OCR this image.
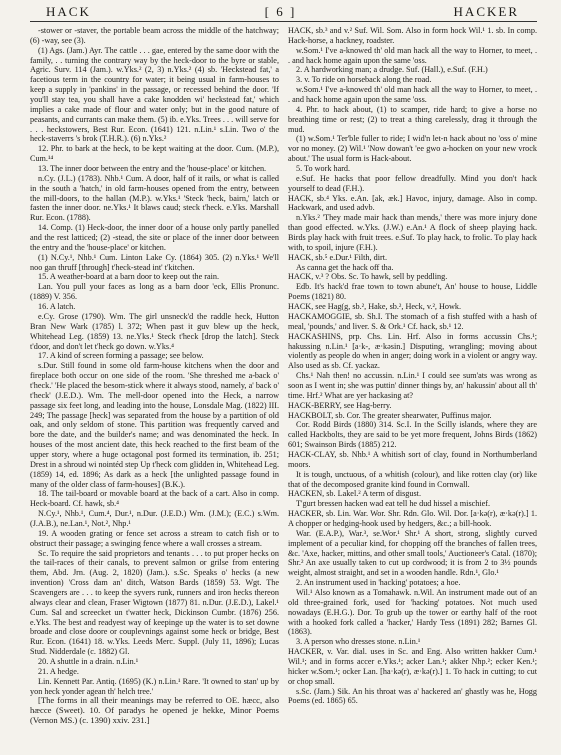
HACK	[ 6 ]	HACKER

-stower or -staver, the portable beam across the middle of the hatchway; (6) -way, see (3).

(1) Ags. (Jam.) Ayr. The cattle . . . gae, entered by the same door with the family, . . turning the contrary way by the heck-door to the byre or stable, Agric. Surv. 114 (Jam.). w.Yks.² (2, 3) n.Yks.² (4) sb. 'Heckstead fat,' a facetious term in the country for water; it being usual in farm-houses to keep a supply in 'pankins' in the passage, or recessed behind the door. 'If you'll stay tea, you shall have a cake knodden wi' heckstead fat,' which implies a cake made of flour and water only; but in the good nature of peasants, and currants can make them. (5) ib. e.Yks. Trees . . . will serve for . . . heckstowers, Best Rur. Econ. (1641) 121. n.Lin.¹ s.Lin. Two o' the heck-staverrs 's brok (T.H.R.). (6) n.Yks.²

12. Phr. to bark at the heck, to be kept waiting at the door. Cum. (M.P.), Cum.¹⁴

13. The inner door between the entry and the 'house-place' or kitchen.

n.Cy. (J.L.) (1783). Nhb.¹ Cum. A door, half of it rails, or what is called in the south a 'hatch,' in old farm-houses opened from the entry, between the mill-doors, to the hallan (M.P.). w.Yks.¹ 'Steck 'heck, bairn,' latch or fasten the inner door. ne.Yks.¹ It blaws caud; steck t'heck. e.Yks. Marshall Rur. Econ. (1788).

14. Comp. (1) Heck-door, the inner door of a house only partly panelled and the rest latticed; (2) -stead, the site or place of the inner door between the entry and the 'house-place' or kitchen.

(1) N.Cy.¹, Nhb.¹ Cum. Linton Lake Cy. (1864) 305. (2) n.Yks.¹ We'll noo gan thruff [through] t'heck-stead int' t'kitchen.

15. A weather-board at a barn door to keep out the rain.

Lan. You pull your faces as long as a barn door 'eck, Ellis Pronunc. (1889) V. 356.

16. A latch.

e.Cy. Grose (1790). Wm. The girl unsneck'd the raddle heck, Hutton Bran New Wark (1785) l. 372; When past it guv blew up the heck, Whitehead Leg. (1859) 13. ne.Yks.¹ Steck t'heck [drop the latch]. Steck t'door, and don't let t'heck go down. w.Yks.⁴

17. A kind of screen forming a passage; see below.

s.Dur. Still found in some old farm-house kitchens when the door and fireplace both occur on one side of the room. 'She threshed me a-back o' t'heck.' 'He placed the besom-stick where it always stood, namely, a' back o' t'heck' (J.E.D.). Wm. The mell-door opened into the Heck, a narrow passage six feet long, and leading into the house, Lonsdale Mag. (1822) III. 249; The passage [heck] was separated from the house by a partition of old oak, and only seldom of stone. This partition was frequently carved and bore the date, and the builder's name; and was denominated the heck. In houses of the most ancient date, this heck reached to the first beam of the upper story, where a huge octagonal post formed its termination, ib. 251; Drest in a shroud wi nointéd step Up t'heck com glidden in, Whitehead Leg. (1859) 14, ed. 1896; As dark as a heck [the unlighted passage found in many of the older class of farm-houses] (B.K.).

18. The tail-board or movable board at the back of a cart. Also in comp. Heck-board. Cf. hawk, sb.⁴

N.Cy.¹, Nhb.¹, Cum.⁴, Dur.¹, n.Dur. (J.E.D.) Wm. (J.M.); (E.C.) s.Wm. (J.A.B.), ne.Lan.¹, Not.², Nhp.¹

19. A wooden grating or fence set across a stream to catch fish or to obstruct their passage; a swinging fence where a wall crosses a stream.

Sc. To require the said proprietors and tenants . . . to put proper hecks on the tail-races of their canals, to prevent salmon or grilse from entering them, Abd. Jrn. (Aug. 2, 1820) (Jam.). s.Sc. Speaks o' hecks (a new invention) 'Cross dam an' ditch, Watson Bards (1859) 53. Wgt. The Scavengers are . . . to keep the syvers runk, runners and iron hecks thereon always clear and clean, Fraser Wigtown (1877) 81. n.Dur. (J.E.D.), Lakel.¹ Cum. Sal and screecket un t'watter heck, Dickinson Cumbr. (1876) 256. e.Yks. The best and readyest way of keepinge up the water is to set downe broade and close doore or couplevnings against some heck or bridge, Best Rur. Econ. (1641) 18. w.Yks. Leeds Merc. Suppl. (July 11, 1896); Lucas Stud. Nidderdale (c. 1882) Gl.

20. A shuttle in a drain. n.Lin.¹

21. A hedge.

Lin. Kennett Par. Antiq. (1695) (K.) n.Lin.¹ Rare. 'It owned to stan' up by yon heck yonder agean th' helch tree.'

[The forms in all their meanings may be referred to OE. hæcc, also hæcce (Sweet). 10. Of paradys he opened je hekke, Minor Poems (Vernon MS.) (c. 1390) xxiv. 231.]

HACK, sb.³ and v.² Suf. Wil. Som. Also in form hock Wil.¹ 1. sb. In comp. Hack-horse, a hackney, roadster.

w.Som.¹ I've a-knowed th' old man hack all the way to Horner, to meet, . . and hack home again upon the same 'oss.

2. A hardworking man; a drudge. Suf. (Hall.), e.Suf. (F.H.)

3. v. To ride on horseback along the road.

w.Som.¹ I've a-knowed th' old man hack all the way to Horner, to meet, . . and hack home again upon the same 'oss.

4. Phr. to hack about, (1) to scamper, ride hard; to give a horse no breathing time or rest; (2) to treat a thing carelessly, drag it through the mud.

(1) w.Som.¹ Ter'ble fuller to ride; I wid'n let-n hack about no 'oss o' mine vor no money. (2) Wil.¹ 'Now dowan't 'ee gwo a-hocken on your new vrock about.' The usual form is Hack-about.

5. To work hard.

e.Suf. He hacks that poor fellow dreadfully. Mind you don't hack yourself to dead (F.H.).

HACK, sb.⁴ Yks. e.An. [ak, æk.] Havoc, injury, damage. Also in comp. Hackwark, and used advb.

n.Yks.² 'They made mair hack than mends,' there was more injury done than good effected. w.Yks. (J.W.) e.An.¹ A flock of sheep playing hack. Birds play hack with fruit trees. e.Suf. To play hack, to frolic. To play hack with, to spoil, injure (F.H.).

HACK, sb.⁵ e.Dur.¹ Filth, dirt.

As canna get the hack off tha.

HACK, v.³ ? Obs. Sc. To hawk, sell by peddling.

Edb. It's hack'd frae town to town abune't, An' house to house, Liddle Poems (1821) 80.

HACK, see Hag(g, sb.², Hake, sb.², Heck, v.², Howk.

HACKAMOGGIE, sb. Sh.I. The stomach of a fish stuffed with a hash of meal, 'pounds,' and liver. S. & Ork.¹ Cf. hack, sb.¹ 12.

HACKASHINS, prp. Chs. Lin. Hrf. Also in forms accussin Chs.¹; hakussing n.Lin.¹ [a·k-, æ·kəsin.] Disputing, wrangling; moving about violently as people do when in anger; doing work in a violent or angry way. Also used as sb. Cf. yackaz.

Chs.¹ Nah then! no accussin. n.Lin.¹ I could see sum'ats was wrong as soon as I went in; she was puttin' dinner things by, an' hakussin' about all th' time. Hrf.² What are yer hackasing at?

HACK-BERRY, see Hag-berry.

HACKBOLT, sb. Cor. The greater shearwater, Puffinus major.

Cor. Rodd Birds (1880) 314. Sc.I. In the Scilly islands, where they are called Hackbolts, they are said to be yet more frequent, Johns Birds (1862) 601; Swainson Birds (1885) 212.

HACK-CLAY, sb. Nhb.¹ A whitish sort of clay, found in Northumberland moors.

It is tough, unctuous, of a whitish (colour), and like rotten clay (or) like that of the decomposed granite kind found in Cornwall.

HACKEN, sb. Lakel.² A term of disgust.

T'gurt bressen hacken wad eat tell he dud hissel a mischief.

HACKER, sb. Lin. War. Wor. Shr. Rdn. Glo. Wil. Dor. [a·kə(r), æ·kə(r).] 1. A chopper or hedging-hook used by hedgers, &c.; a bill-hook.

War. (E.A.P.), War.³, se.Wor.¹ Shr.¹ A short, strong, slightly curved implement of a peculiar kind, for chopping off the branches of fallen trees, &c. 'Axe, hacker, mittins, and other small tools,' Auctioneer's Catal. (1870); Shr.² An axe usually taken to cut up cordwood; it is from 2 to 3½ pounds weight, almost straight, and set in a wooden handle. Rdn.¹, Glo.¹

2. An instrument used in 'hacking' potatoes; a hoe.

Wil.¹ Also known as a Tomahawk. n.Wil. An instrument made out of an old three-grained fork, used for 'hacking' potatoes. Not much used nowadays (E.H.G.). Dor. To grub up the tower or earthy half of the root with a hooked fork called a 'hacker,' Hardy Tess (1891) 282; Barnes Gl. (1863).

3. A person who dresses stone. n.Lin.¹

HACKER, v. Var. dial. uses in Sc. and Eng. Also written hakker Cum.¹ Wil.¹; and in forms accer e.Yks.¹; acker Lan.¹; akker Nhp.²; ecker Ken.¹; hicker w.Som.¹; ocker Lan. [ha·kə(r), æ·kə(r).] 1. To hack in cutting; to cut or chop small.

s.Sc. (Jam.) Sik. An his throat was a' hackered an' ghastly was he, Hogg Poems (ed. 1865) 65.
